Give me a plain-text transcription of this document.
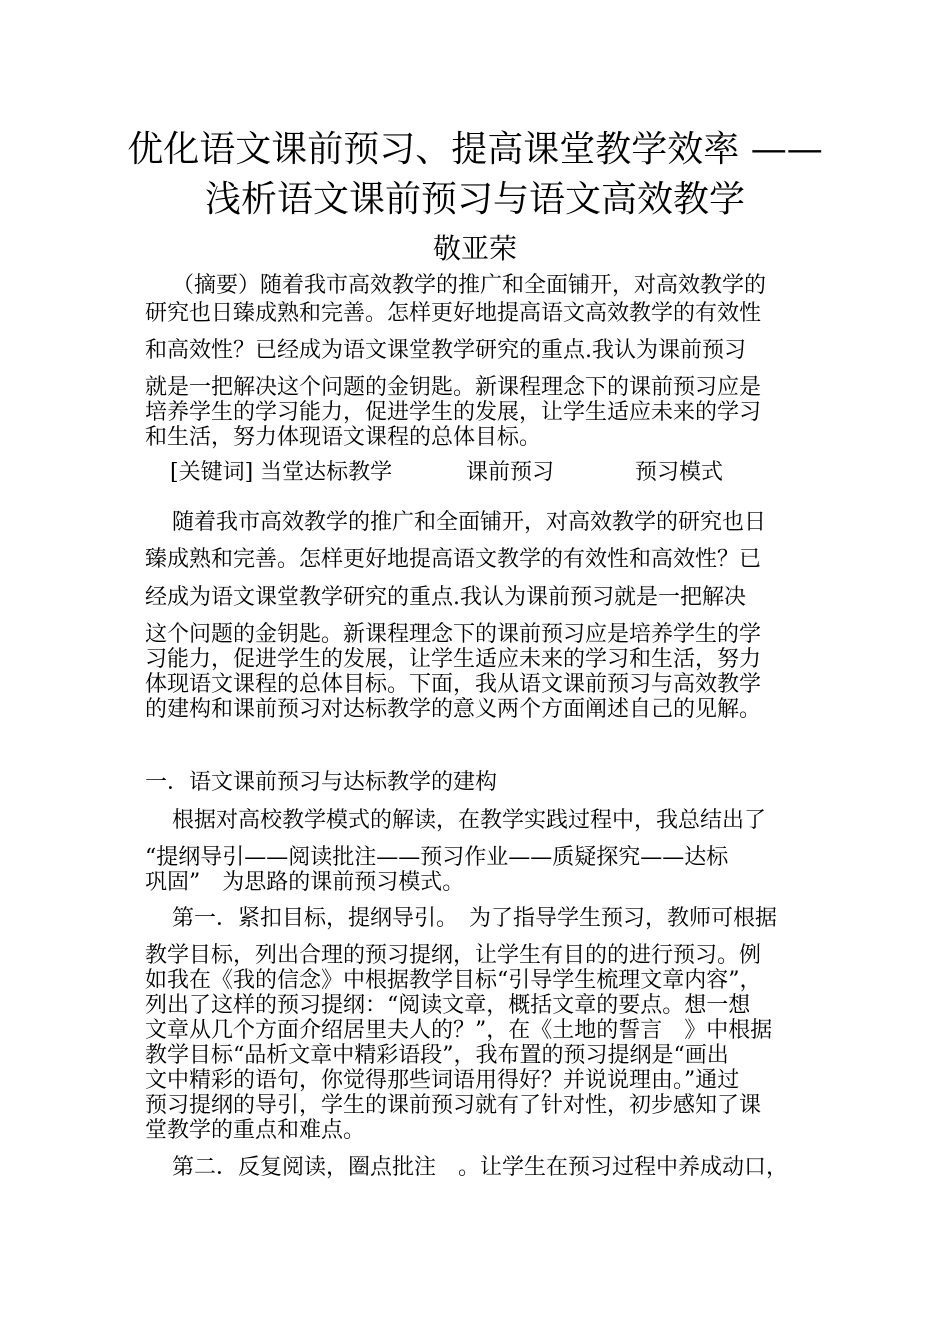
优化语文课前预习、提高课堂教学效率 ——
浅析语文课前预习与语文高效教学
敬亚荣
（摘要）随着我市高效教学的推广和全面铺开，对高效教学的
研究也日臻成熟和完善。怎样更好地提高语文高效教学的有效性
和高效性？已经成为语文课堂教学研究的重点.我认为课前预习
就是一把解决这个问题的金钥匙。新课程理念下的课前预习应是
培养学生的学习能力，促进学生的发展，让学生适应未来的学习
和生活，努力体现语文课程的总体目标。
[关键词] 当堂达标教学	课前预习	预习模式
随着我市高效教学的推广和全面铺开，对高效教学的研究也日
臻成熟和完善。怎样更好地提高语文教学的有效性和高效性？已
经成为语文课堂教学研究的重点.我认为课前预习就是一把解决
这个问题的金钥匙。新课程理念下的课前预习应是培养学生的学
习能力，促进学生的发展，让学生适应未来的学习和生活，努力
体现语文课程的总体目标。下面，我从语文课前预习与高效教学
的建构和课前预习对达标教学的意义两个方面阐述自己的见解。
一．语文课前预习与达标教学的建构
根据对高校教学模式的解读，在教学实践过程中，我总结出了
“提纲导引——阅读批注——预习作业——质疑探究——达标
巩固”　为思路的课前预习模式。
第一．紧扣目标，提纲导引。　为了指导学生预习，教师可根据
教学目标，列出合理的预习提纲，让学生有目的的进行预习。例
如我在《我的信念》中根据教学目标“引导学生梳理文章内容”，
列出了这样的预习提纲：“阅读文章，概括文章的要点。想一想
文章从几个方面介绍居里夫人的？”，在《土地的誓言　》中根据
教学目标“品析文章中精彩语段”，我布置的预习提纲是“画出
文中精彩的语句，你觉得那些词语用得好？并说说理由。”通过
预习提纲的导引，学生的课前预习就有了针对性，初步感知了课
堂教学的重点和难点。
第二．反复阅读，圈点批注　。让学生在预习过程中养成动口，
